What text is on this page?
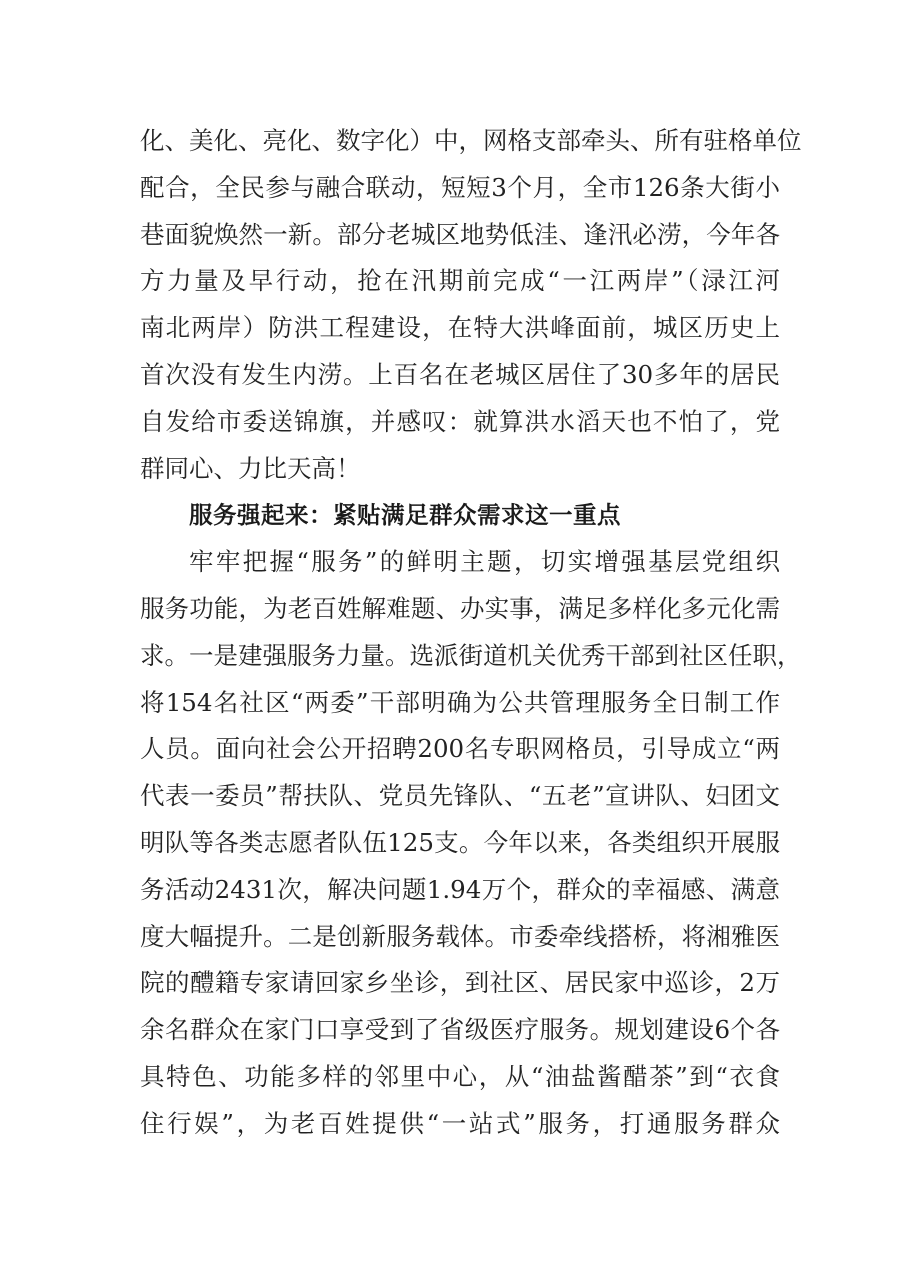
化、美化、亮化、数字化）中，网格支部牵头、所有驻格单位
配合，全民参与融合联动，短短3个月，全市126条大街小
巷面貌焕然一新。部分老城区地势低洼、逢汛必涝，今年各
方力量及早行动，抢在汛期前完成“一江两岸”（渌江河
南北两岸）防洪工程建设，在特大洪峰面前，城区历史上
首次没有发生内涝。上百名在老城区居住了30多年的居民
自发给市委送锦旗，并感叹：就算洪水滔天也不怕了，党
群同心、力比天高！
服务强起来：紧贴满足群众需求这一重点
牢牢把握“服务”的鲜明主题，切实增强基层党组织
服务功能，为老百姓解难题、办实事，满足多样化多元化需
求。一是建强服务力量。选派街道机关优秀干部到社区任职，
将154名社区“两委”干部明确为公共管理服务全日制工作
人员。面向社会公开招聘200名专职网格员，引导成立“两
代表一委员”帮扶队、党员先锋队、“五老”宣讲队、妇团文
明队等各类志愿者队伍125支。今年以来，各类组织开展服
务活动2431次，解决问题1.94万个，群众的幸福感、满意
度大幅提升。二是创新服务载体。市委牵线搭桥，将湘雅医
院的醴籍专家请回家乡坐诊，到社区、居民家中巡诊，2万
余名群众在家门口享受到了省级医疗服务。规划建设6个各
具特色、功能多样的邻里中心，从“油盐酱醋茶”到“衣食
住行娱”，为老百姓提供“一站式”服务，打通服务群众
